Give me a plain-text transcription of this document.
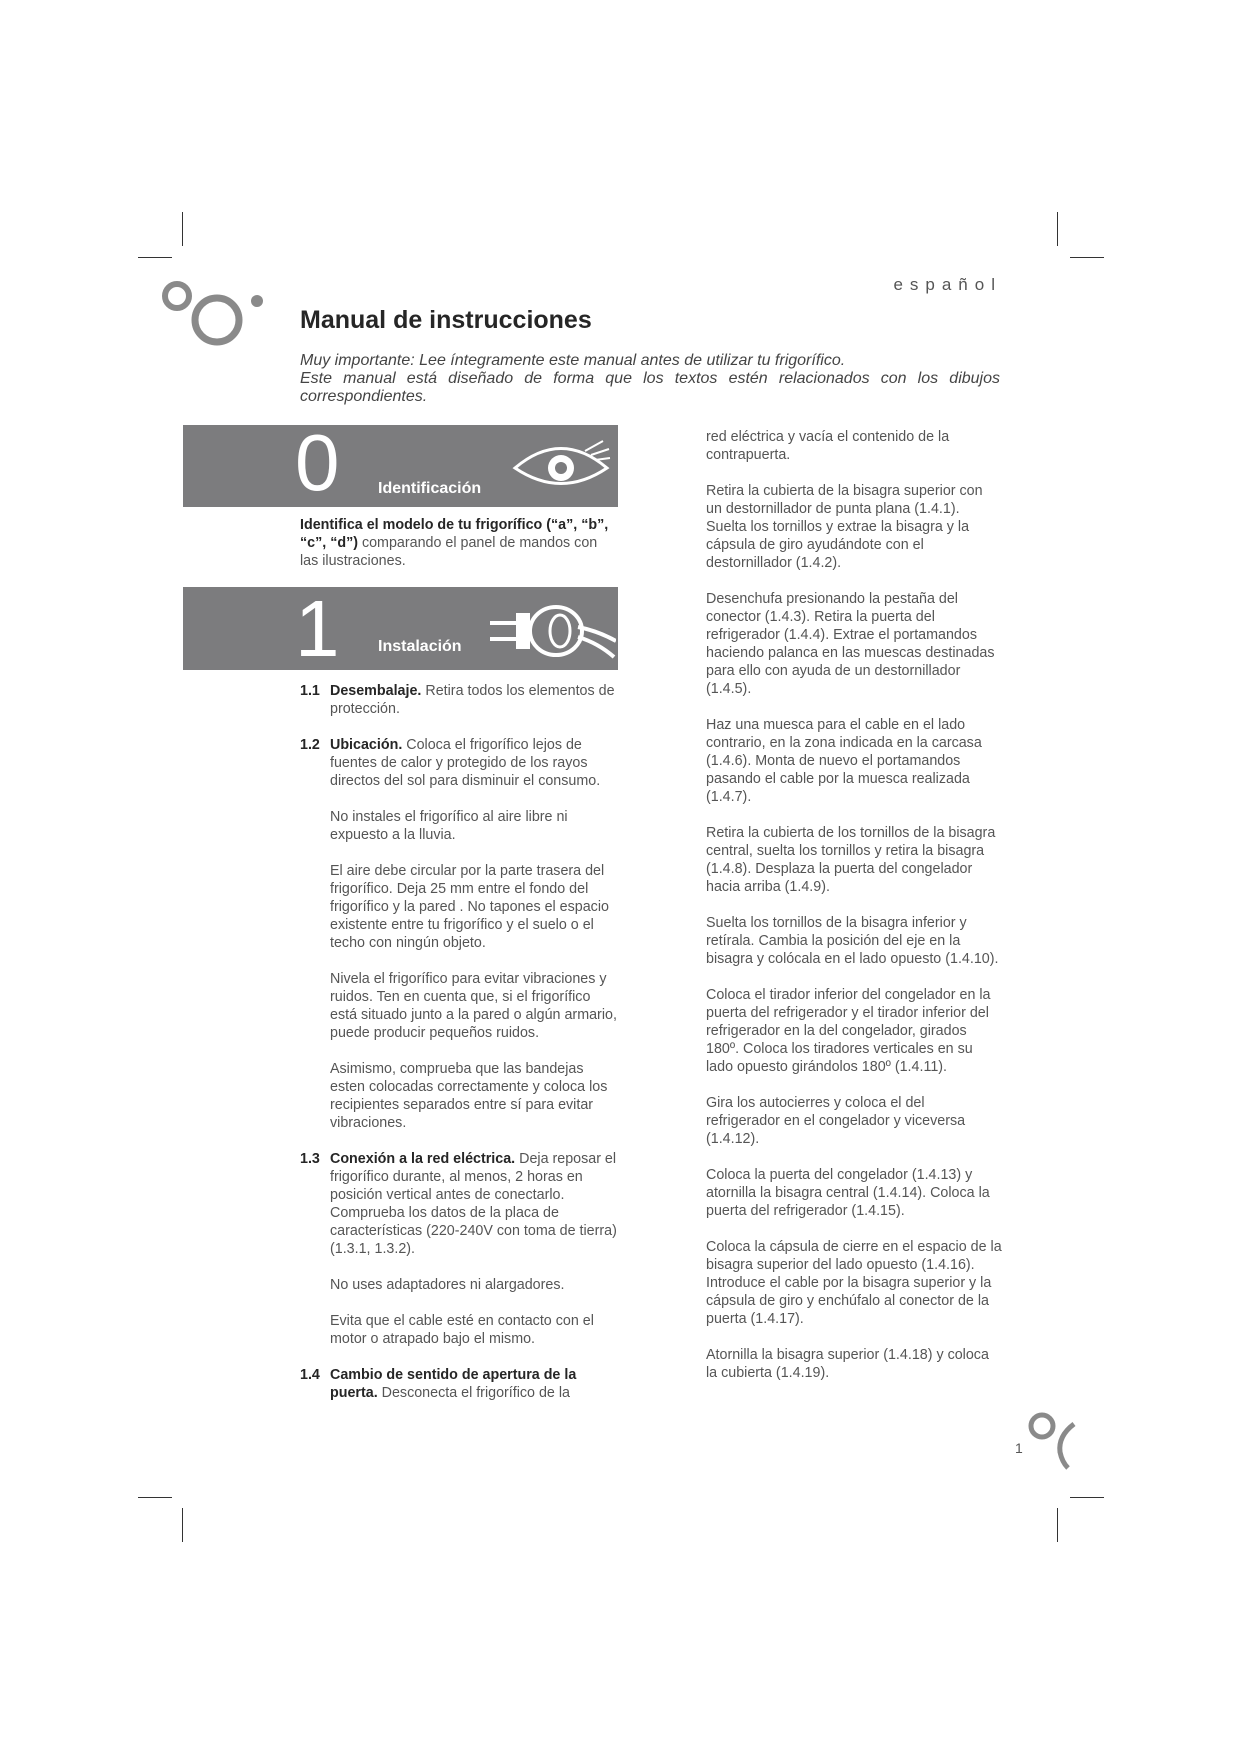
español
Manual de instrucciones

Muy importante: Lee íntegramente este manual antes de utilizar tu frigorífico.

Este manual está diseñado de forma que los textos estén relacionados con los dibujos correspondientes.

0 Identificación

Identifica el modelo de tu frigorífico (“a”, “b”, “c”, “d”) comparando el panel de mandos con las ilustraciones.

1 Instalación
1.1 Desembalaje. Retira todos los elementos de protección.

1.2 Ubicación. Coloca el frigorífico lejos de fuentes de calor y protegido de los rayos directos del sol para disminuir el consumo.

No instales el frigorífico al aire libre ni expuesto a la lluvia.

El aire debe circular por la parte trasera del frigorífico. Deja 25 mm entre el fondo del frigorífico y la pared . No tapones el espacio existente entre tu frigorífico y el suelo o el techo con ningún objeto.

Nivela el frigorífico para evitar vibraciones y ruidos. Ten en cuenta que, si el frigorífico está situado junto a la pared o algún armario, puede producir pequeños ruidos.

Asimismo, comprueba que las bandejas esten colocadas correctamente y coloca los recipientes separados entre sí para evitar vibraciones.

1.3 Conexión a la red eléctrica. Deja reposar el frigorífico durante, al menos, 2 horas en posición vertical antes de conectarlo. Comprueba los datos de la placa de características (220-240V con toma de tierra) (1.3.1, 1.3.2).

No uses adaptadores ni alargadores.

Evita que el cable esté en contacto con el motor o atrapado bajo el mismo.

1.4 Cambio de sentido de apertura de la puerta. Desconecta el frigorífico de la

red eléctrica y vacía el contenido de la contrapuerta.

Retira la cubierta de la bisagra superior con un destornillador de punta plana (1.4.1). Suelta los tornillos y extrae la bisagra y la cápsula de giro ayudándote con el destornillador (1.4.2).

Desenchufa presionando la pestaña del conector (1.4.3). Retira la puerta del refrigerador (1.4.4). Extrae el portamandos haciendo palanca en las muescas destinadas para ello con ayuda de un destornillador (1.4.5).

Haz una muesca para el cable en el lado contrario, en la zona indicada en la carcasa (1.4.6). Monta de nuevo el portamandos pasando el cable por la muesca realizada (1.4.7).

Retira la cubierta de los tornillos de la bisagra central, suelta los tornillos y retira la bisagra (1.4.8). Desplaza la puerta del congelador hacia arriba (1.4.9).

Suelta los tornillos de la bisagra inferior y retírala. Cambia la posición del eje en la bisagra y colócala en el lado opuesto (1.4.10).

Coloca el tirador inferior del congelador en la puerta del refrigerador y el tirador inferior del refrigerador en la del congelador, girados 180º. Coloca los tiradores verticales en su lado opuesto girándolos 180º (1.4.11).

Gira los autocierres y coloca el del refrigerador en el congelador y viceversa (1.4.12).

Coloca la puerta del congelador (1.4.13) y atornilla la bisagra central (1.4.14). Coloca la puerta del refrigerador (1.4.15).

Coloca la cápsula de cierre en el espacio de la bisagra superior del lado opuesto (1.4.16). Introduce el cable por la bisagra superior y la cápsula de giro y enchúfalo al conector de la puerta (1.4.17).

Atornilla la bisagra superior (1.4.18) y coloca la cubierta (1.4.19).

1
